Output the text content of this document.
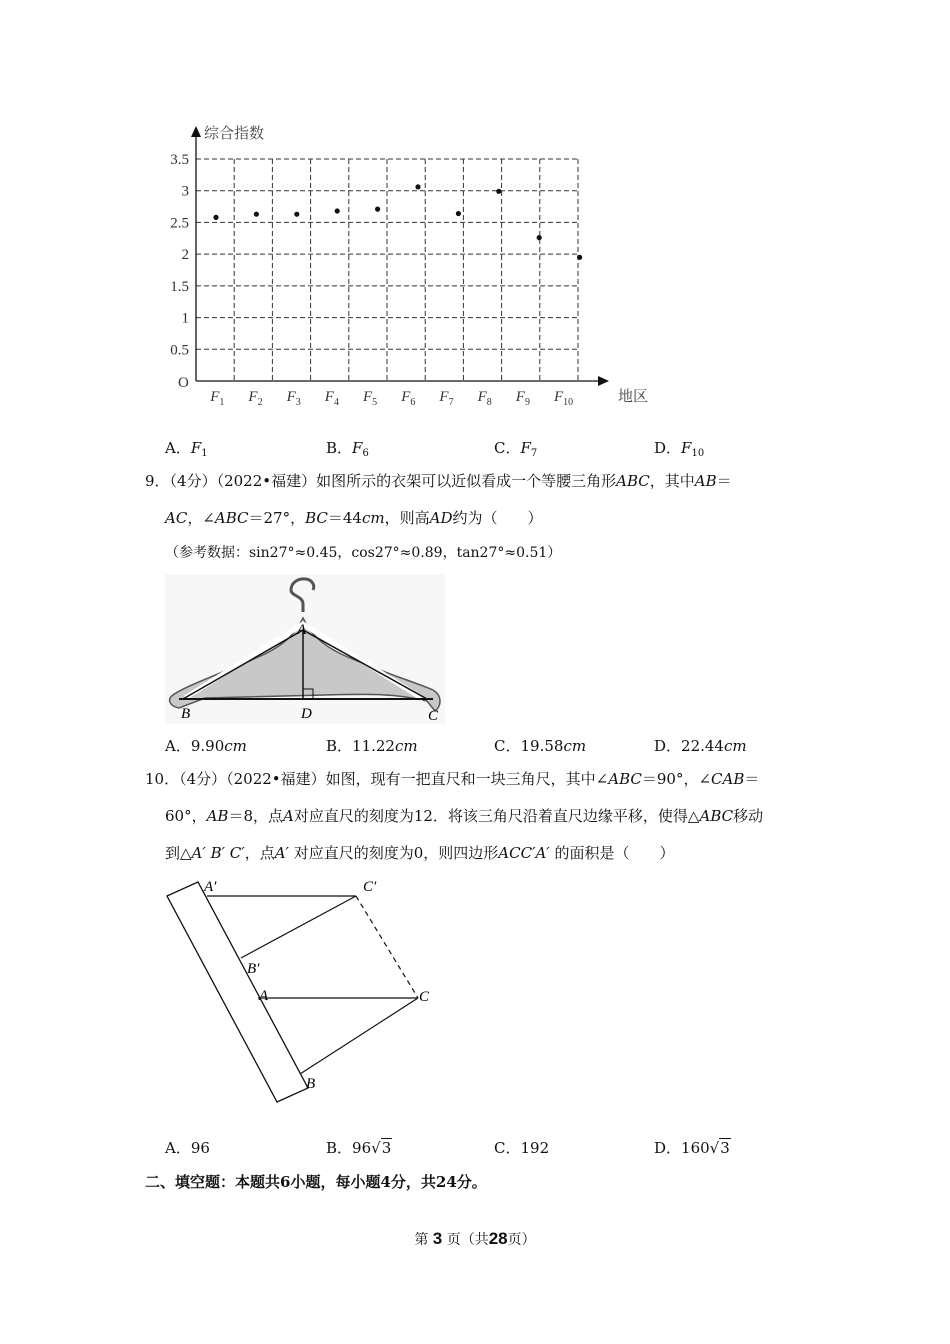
3.5
3
2.5
2
1.5
1
0.5
$F_1$ $F_2$ $F_3$ $F_4$ $F_5$ $F_6$ $F_7$ $F_8$ $F_9$ $F_{10}$
综合指数
地区
O
A．$F_1$	B．$F_6$	C．$F_7$	D．$F_{10}$
9．（4分）（2022•福建）如图所示的衣架可以近似看成一个等腰三角形ABC，其中AB＝
AC，∠ABC＝27°，BC＝44cm，则高AD约为（　　）
（参考数据：sin27°≈0.45，cos27°≈0.89，tan27°≈0.51）
A
B	D	C
A．9.90cm	B．11.22cm	C．19.58cm	D．22.44cm
10．（4分）（2022•福建）如图，现有一把直尺和一块三角尺，其中∠ABC＝90°，∠CAB＝
60°，AB＝8，点A对应直尺的刻度为12．将该三角尺沿着直尺边缘平移，使得△ABC移动
到△A′ B′ C′，点A′ 对应直尺的刻度为0，则四边形ACC′A′ 的面积是（　　）
A′	C′
B′
A	C
B
A．96	B．96√3	C．192	D．160√3
二、填空题：本题共6小题，每小题4分，共24分。
第 3 页（共28页）
